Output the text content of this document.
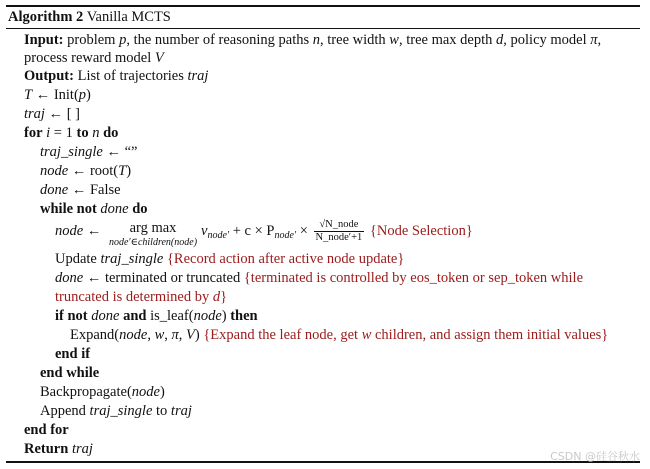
Algorithm 2 Vanilla MCTS
Input: problem p, the number of reasoning paths n, tree width w, tree max depth d, policy model π,
process reward model V
Output: List of trajectories traj
T ← Init(p)
traj ← [ ]
for i = 1 to n do
traj_single ← “”
node ← root(T)
done ← False
while not done do
node ←	arg max
node′∈children(node)
$v_{node'} + c \times P_{node'} \times \frac{\text{√N\_node}}{\text{N\_node′+1}}$ {Node Selection}
Update traj_single {Record action after active node update}
done ← terminated or truncated {terminated is controlled by eos_token or sep_token while
truncated is determined by d}
if not done and is_leaf(node) then
Expand(node, w, π, V) {Expand the leaf node, get w children, and assign them initial values}
end if
end while
Backpropagate(node)
Append traj_single to traj
end for
Return traj	CSDN @硅谷秋水
